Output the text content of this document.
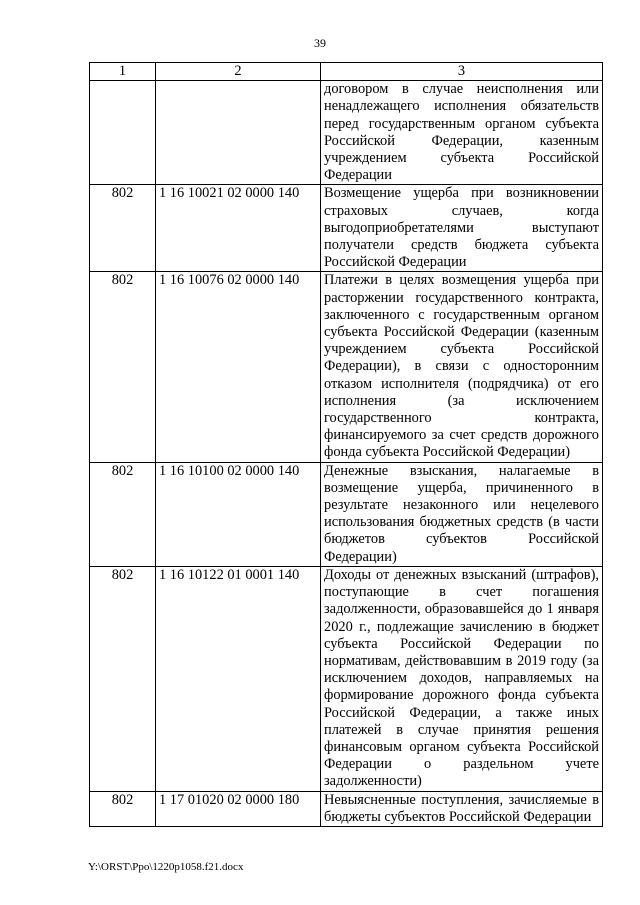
39
1	2	3
		договором в случае неисполнения или ненадлежащего исполнения обязательств перед государственным органом субъекта Российской Федерации, казенным учреждением субъекта Российской Федерации
802	1 16 10021 02 0000 140	Возмещение ущерба при возникновении страховых случаев, когда выгодоприобретателями выступают получатели средств бюджета субъекта Российской Федерации
802	1 16 10076 02 0000 140	Платежи в целях возмещения ущерба при расторжении государственного контракта, заключенного с государственным органом субъекта Российской Федерации (казенным учреждением субъекта Российской Федерации), в связи с односторонним отказом исполнителя (подрядчика) от его исполнения (за исключением государственного контракта, финансируемого за счет средств дорожного фонда субъекта Российской Федерации)
802	1 16 10100 02 0000 140	Денежные взыскания, налагаемые в возмещение ущерба, причиненного в результате незаконного или нецелевого использования бюджетных средств (в части бюджетов субъектов Российской Федерации)
802	1 16 10122 01 0001 140	Доходы от денежных взысканий (штрафов), поступающие в счет погашения задолженности, образовавшейся до 1 января 2020 г., подлежащие зачислению в бюджет субъекта Российской Федерации по нормативам, действовавшим в 2019 году (за исключением доходов, направляемых на формирование дорожного фонда субъекта Российской Федерации, а также иных платежей в случае принятия решения финансовым органом субъекта Российской Федерации о раздельном учете задолженности)
802	1 17 01020 02 0000 180	Невыясненные поступления, зачисляемые в бюджеты субъектов Российской Федерации
Y:\ORST\Ppo\1220p1058.f21.docx
